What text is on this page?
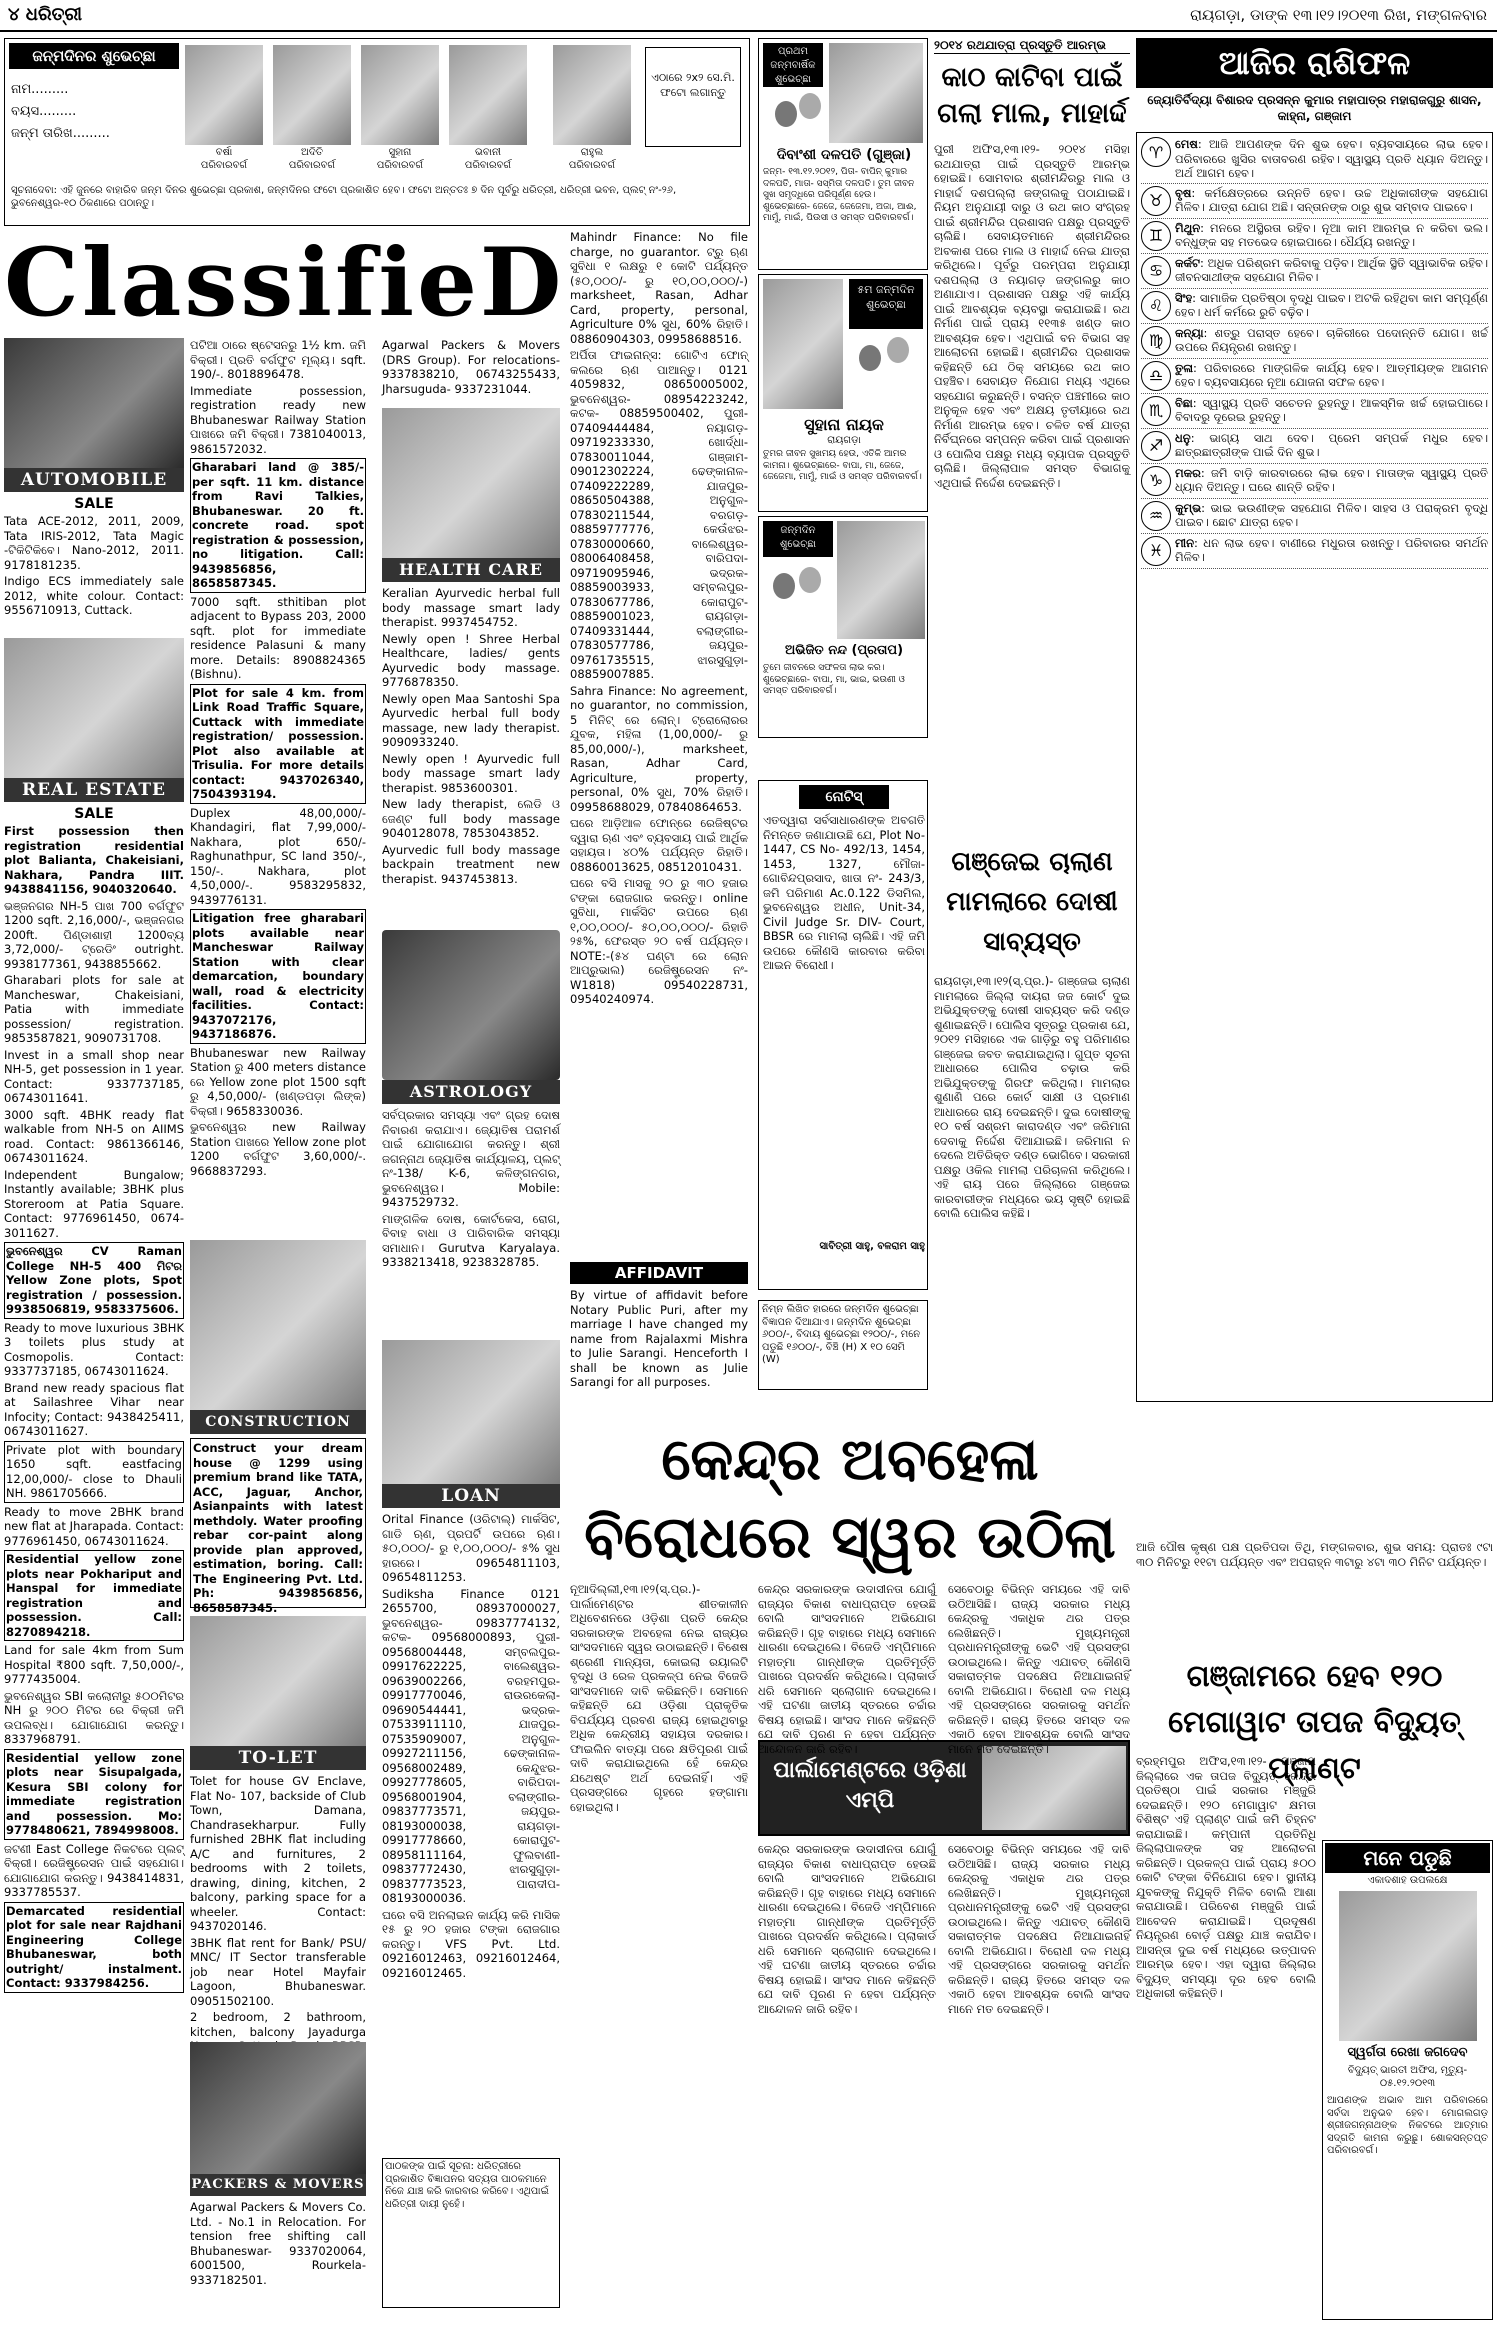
୪ ଧରିତ୍ରୀ	ରାୟଗଡ଼ା, ଡାଙ୍କ ୧୩।୧୨।୨୦୧୩ ରିଖ, ମଙ୍ଗଳବାର
ଜନ୍ମଦିନର ଶୁଭେଚ୍ଛା
ନାମ.........
ବୟସ.........
ଜନ୍ମ ତାରିଖ.........
ବର୍ଷା
ପରିବାରବର୍ଗ
ଅଦିତି
ପରିବାରବର୍ଗ
ସୁହାନା
ପରିବାରବର୍ଗ
ଭବାନୀ
ପରିବାରବର୍ଗ
ରାହୁଲ
ପରିବାରବର୍ଗ
ଏଠାରେ ୨x୨ ସେ.ମି. ଫଟୋ ଲଗାନ୍ତୁ
ସୂଚନାଦେବା: ଏହି ଜୁନରେ ବାହାରିବ ଜନ୍ମ ଦିନର ଶୁଭେଚ୍ଛା ପ୍ରକାଶ, ଜନ୍ମଦିନର ଫଟୋ ପ୍ରକାଶିତ ହେବ। ଫଟୋ ଅନ୍ତତଃ ୭ ଦିନ ପୂର୍ବରୁ ଧରିତ୍ରୀ, ଧରିତ୍ରୀ ଭବନ, ପ୍ଲଟ୍ ନଂ-୨୬, ଭୁବନେଶ୍ୱର-୧୦ ଠିକଣାରେ ପଠାନ୍ତୁ।
ClassifieD
AUTOMOBILE
SALE

Tata ACE-2012, 2011, 2009, Tata IRIS-2012, Tata Magic -ଟିକିଟିକିବେ। Nano-2012, 2011. 9178181235.

Indigo ECS immediately sale 2012, white colour. Contact: 9556710913, Cuttack.

REAL ESTATE
SALE

First possession then registration residential plot Balianta, Chakeisiani, Nakhara, Pandra IIIT. 9438841156, 9040320640.

ଭଞ୍ଜନଗର NH-5 ପାଖ 700 ବର୍ଗଫୁଟ 1200 sqft. 2,16,000/-, ଭଞ୍ଜନଗର 200ft. ପିଣ୍ଡାଶାହୀ 1200ବ୍ୟ 3,72,000/- ଟ୍ରେଡିଂ outright. 9938177361, 9438855662.

Gharabari plots for sale at Mancheswar, Chakeisiani, Patia with immediate possession/ registration. 9853587821, 9090731708.

Invest in a small shop near NH-5, get possession in 1 year. Contact: 9337737185, 06743011641.

3000 sqft. 4BHK ready flat walkable from NH-5 on AIIMS road. Contact: 9861366146, 06743011624.

Independent Bungalow; Instantly available; 3BHK plus Storeroom at Patia Square. Contact: 9776961450, 0674-3011627.

ଭୁବନେଶ୍ୱର CV Raman College NH-5 400 ମିଟର Yellow Zone plots, Spot registration / possession. 9938506819, 9583375606.

Ready to move luxurious 3BHK 3 toilets plus study at Cosmopolis. Contact: 9337737185, 06743011624.

Brand new ready spacious flat at Sailashree Vihar near Infocity; Contact: 9438425411, 06743011627.

Private plot with boundary 1650 sqft. eastfacing 12,00,000/- close to Dhauli NH. 9861705666.

Ready to move 2BHK brand new flat at Jharapada. Contact: 9776961450, 06743011624.

Residential yellow zone plots near Pokhariput and Hanspal for immediate registration and possession. Call: 8270894218.

Land for sale 4km from Sum Hospital ₹800 sqft. 7,50,000/-, 9777435004.

ଭୁବନେଶ୍ୱର SBI କଲୋନୀରୁ ୫୦୦ମିଟର NH ରୁ ୨୦୦ ମିଟର ରେ ବିକ୍ରୀ ଜମି ଉପଲବ୍ଧ। ଯୋଗାଯୋଗ କରନ୍ତୁ। 8337968791.

Residential yellow zone plots near Sisupalgada, Kesura SBI colony for immediate registration and possession. Mo: 9778480621, 7894998008.

ଜଟଣୀ East College ନିକଟରେ ପ୍ଲଟ୍ ବିକ୍ରୀ। ରେଜିଷ୍ଟ୍ରେସନ ପାଇଁ ସହଯୋଗ। ଯୋଗାଯୋଗ କରନ୍ତୁ। 9438414831, 9337785537.

Demarcated residential plot for sale near Rajdhani Engineering College Bhubaneswar, both outright/ instalment. Contact: 9337984256.

ପଟିଆ ଠାରେ ଷ୍ଟେସନରୁ 1½ km. ଜମି ବିକ୍ରୀ। ପ୍ରତି ବର୍ଗଫୁଟ ମୂଲ୍ୟ। sqft. 190/-. 8018896478.

Immediate possession, registration ready new Bhubaneswar Railway Station ପାଖରେ ଜମି ବିକ୍ରୀ। 7381040013, 9861572032.

Gharabari land @ 385/- per sqft. 11 km. distance from Ravi Talkies, Bhubaneswar. 20 ft. concrete road. spot registration & possession, no litigation. Call: 9439856856, 8658587345.

7000 sqft. sthitiban plot adjacent to Bypass 203, 2000 sqft. plot for immediate residence Palasuni & many more. Details: 8908824365 (Bishnu).

Plot for sale 4 km. from Link Road Traffic Square, Cuttack with immediate registration/ possession. Plot also available at Trisulia. For more details contact: 9437026340, 7504393194.

Duplex 48,00,000/-Khandagiri, flat 7,99,000/- Nakhara, plot 650/- Raghunathpur, SC land 350/-, 150/-. Nakhara, plot 4,50,000/-. 9583295832, 9439776131.

Litigation free gharabari plots available near Mancheswar Railway Station with clear demarcation, boundary wall, road & electricity facilities. Contact: 9437072176, 9437186876.

Bhubaneswar new Railway Station ରୁ 400 meters distance ରେ Yellow zone plot 1500 sqft ରୁ 4,50,000/- (ଖଣ୍ଡପଡ଼ା ଲିଙ୍କ) ବିକ୍ରୀ। 9658330036.

ଭୁବନେଶ୍ୱର new Railway Station ପାଖରେ Yellow zone plot 1200 ବର୍ଗଫୁଟ 3,60,000/-. 9668837293.

CONSTRUCTION

Construct your dream house @ 1299 using premium brand like TATA, ACC, Jaguar, Anchor, Asianpaints with latest methdoly. Water proofing rebar cor-paint along provide plan approved, estimation, boring. Call: The Engineering Pvt. Ltd. Ph: 9439856856, 8658587345.

TO-LET

Tolet for house GV Enclave, Flat No- 107, backside of Club Town, Damana, Chandrasekharpur. Fully furnished 2BHK flat including A/C and furnitures, 2 bedrooms with 2 toilets, drawing, dining, kitchen, 2 balcony, parking space for a wheeler. Contact: 9437020146.

3BHK flat rent for Bank/ PSU/ MNC/ IT Sector transferable job near Hotel Mayfair Lagoon, Bhubaneswar. 09051502100.

2 bedroom, 2 bathroom, kitchen, balcony Jayadurga

PACKERS & MOVERS

Agarwal Packers & Movers Co. Ltd. - No.1 in Relocation. For tension free shifting call Bhubaneswar- 9337020064, 6001500, Rourkela- 9337182501.

Agarwal Packers & Movers (DRS Group). For relocations- 9337838210, 06743255433, Jharsuguda- 9337231044.

HEALTH CARE

Keralian Ayurvedic herbal full body massage smart lady therapist. 9937454752.

Newly open ! Shree Herbal Healthcare, ladies/ gents Ayurvedic body massage. 9776878350.

Newly open Maa Santoshi Spa Ayurvedic herbal full body massage, new lady therapist. 9090933240.

Newly open ! Ayurvedic full body massage smart lady therapist. 9853600301.

New lady therapist, ଲେଡି ଓ ଜେଣ୍ଟ full body massage 9040128078, 7853043852.

Ayurvedic full body massage backpain treatment new therapist. 9437453813.

ASTROLOGY

ସର୍ବପ୍ରକାର ସମସ୍ୟା ଏବଂ ଗ୍ରହ ଦୋଷ ନିବାରଣ କରାଯାଏ। ଜ୍ୟୋତିଷ ପରାମର୍ଶ ପାଇଁ ଯୋଗାଯୋଗ କରନ୍ତୁ। ଶ୍ରୀ ଜଗନ୍ନାଥ ଜ୍ୟୋତିଷ କାର୍ଯ୍ୟାଳୟ, ପ୍ଲଟ୍ ନଂ-138/ K-6, କଳିଙ୍ଗନଗର, ଭୁବନେଶ୍ୱର। Mobile: 9437529732.

ମାଙ୍ଗଳିକ ଦୋଷ, କୋର୍ଟକେସ, ରୋଗ, ବିବାହ ବାଧା ଓ ପାରିବାରିକ ସମସ୍ୟା ସମାଧାନ। Gurutva Karyalaya. 9338213418, 9238328785.

LOAN

Orital Finance (ଓରିଟାଲ୍) ମାର୍କସିଟ, ଗାଡି ଋଣ, ପ୍ରପର୍ଟି ଉପରେ ଋଣ। ୫୦,୦୦୦/- ରୁ ୧,୦୦,୦୦୦/- ୫% ସୁଧ ହାରରେ। 09654811103, 09654811253.

Sudiksha Finance 0121 2655700, 08937000027, ଭୁବନେଶ୍ୱର- 09837774132, କଟକ- 09568000893, ପୁରୀ- 09568004448, ସମ୍ବଲପୁର- 09917622225, ବାଲେଶ୍ୱର- 09639002266, ବରହମପୁର- 09917770046, ରାଉରକେଲା- 09690544441, ଭଦ୍ରକ- 07533911110, ଯାଜପୁର- 07535909007, ଅନୁଗୁଳ- 09927211156, ଢେଙ୍କାନାଳ- 09568002489, କେନ୍ଦୁଝର- 09927778605, ବାରିପଦା- 09568001904, ବଲାଙ୍ଗୀର- 09837773571, ଜୟପୁର- 08193000038, ରାୟଗଡ଼ା- 09917778660, କୋରାପୁଟ- 08958111164, ଫୁଲବାଣୀ- 09837772430, ଝାରସୁଗୁଡ଼ା- 09837773523, ପାରାଦୀପ- 08193000036.

ଘରେ ବସି ଅନଲାଇନ କାର୍ଯ୍ୟ କରି ମାସିକ ୧୫ ରୁ ୨୦ ହଜାର ଟଙ୍କା ରୋଜଗାର କରନ୍ତୁ। VFS Pvt. Ltd. 09216012463, 09216012464, 09216012465.

ପାଠକଙ୍କ ପାଇଁ ସୂଚନା: ଧରିତ୍ରୀରେ ପ୍ରକାଶିତ ବିଜ୍ଞାପନର ସତ୍ୟତା ପାଠକମାନେ ନିଜେ ଯାଞ୍ଚ କରି କାରବାର କରିବେ। ଏଥିପାଇଁ ଧରିତ୍ରୀ ଦାୟୀ ନୁହେଁ।

Mahindr Finance: No file charge, no guarantor. ଟ୍ରୁ ଋଣ ସୁବିଧା ୧ ଲକ୍ଷରୁ ୧ କୋଟି ପର୍ଯ୍ୟନ୍ତ (୫୦,୦୦୦/- ରୁ ୧୦,୦୦,୦୦୦/-) marksheet, Rasan, Adhar Card, property, personal, Agriculture 0% ସୁଧ, 60% ରିହାତି। 08860904303, 09958688516.

ଅର୍ପିତା ଫାଇନାନ୍ସ: ଗୋଟିଏ ଫୋନ୍ କଲରେ ଋଣ ପାଆନ୍ତୁ। 0121 4059832, 08650005002, ଭୁବନେଶ୍ୱର- 08954223242, କଟକ- 08859500402, ପୁରୀ- 07409444484, ନୟାଗଡ଼- 09719233330, ଖୋର୍ଦ୍ଧା- 07830011044, ଗଞ୍ଜାମ- 09012302224, ଢେଙ୍କାନାଳ- 07409222289, ଯାଜପୁର- 08650504388, ଅନୁଗୁଳ- 07830211544, ବରଗଡ଼- 08859777776, କେଉଁଝର- 07830000660, ବାଲେଶ୍ୱର- 08006408458, ବାରିପଦା- 09719095946, ଭଦ୍ରକ- 08859003933, ସମ୍ବଲପୁର- 07830677786, କୋରାପୁଟ- 08859001023, ରାୟଗଡ଼ା- 07409331444, ବଲାଙ୍ଗୀର- 07830577786, ଜୟପୁର- 09761735515, ଝାରସୁଗୁଡ଼ା- 08859007885.

Sahra Finance: No agreement, no guarantor, no commission, 5 ମିନିଟ୍ ରେ ଲୋନ୍। ଟ୍ରୋଲୋରର ଯୁବକ, ମହିଳା (1,00,000/- ରୁ 85,00,000/-), marksheet, Rasan, Adhar Card, Agriculture, property, personal, 0% ସୁଧ, 70% ରିହାତି। 09958688029, 07840864653.

ଘରେ ଆଡ଼ିଆଳ ଫୋନ୍‌ରେ ରେଜିଷ୍ଟର ଦ୍ୱାରା ଋଣ ଏବଂ ବ୍ୟବସାୟ ପାଇଁ ଆର୍ଥିକ ସହାୟତା। ୪୦% ପର୍ଯ୍ୟନ୍ତ ରିହାତି। 08860013625, 08512010431.

ଘରେ ବସି ମାସକୁ ୨୦ ରୁ ୩୦ ହଜାର ଟଙ୍କା ରୋଜଗାର କରନ୍ତୁ। online ସୁବିଧା, ମାର୍କସିଟ ଉପରେ ଋଣ ୧,୦୦,୦୦୦/- ୫୦,୦୦,୦୦୦/- ରିହାତି ୨୫%, ଫେରସ୍ତ ୨୦ ବର୍ଷ ପର୍ଯ୍ୟନ୍ତ। NOTE:-(୫୪ ଘଣ୍ଟା ରେ ଲୋନ ଆପ୍ରୁଭାଲ) ରେଜିଷ୍ଟ୍ରେସନ ନଂ- W1818) 09540228731, 09540240974.

AFFIDAVIT
By virtue of affidavit before Notary Public Puri, after my marriage I have changed my name from Rajalaxmi Mishra to Julie Sarangi. Henceforth I shall be known as Julie Sarangi for all purposes.
ପ୍ରଥମ ଜନ୍ମବାର୍ଷିକ ଶୁଭେଚ୍ଛା
ଦିବାଂଶୀ ଦଳପତି (ଗୁଞ୍ଜା)
ଜନ୍ମ- ୧୩.୧୨.୨୦୧୨, ପିତା- ବାପିନ୍ କୁମାର ଦଳପତି, ମାତା- ସସ୍ମିତା ଦଳପତି। ତୁମ ଜୀବନ ସୁଖ ସମୃଦ୍ଧିରେ ପରିପୂର୍ଣ୍ଣ ହେଉ। ଶୁଭେଚ୍ଛାରେ- ଜେଜେ, ଜେଜେମା, ଅଜା, ଆଈ, ମାମୁଁ, ମାଇଁ, ପିଉସୀ ଓ ସମସ୍ତ ପରିବାରବର୍ଗ।
୫ମ ଜନ୍ମଦିନ ଶୁଭେଚ୍ଛା
ସୁହାନା ନାୟକ
ରାୟଗଡ଼ା
ତୁମର ଜୀବନ ସୁଖମୟ ହେଉ, ଏତିକି ଆମର କାମନା। ଶୁଭେଚ୍ଛାରେ- ବାପା, ମା, ଜେଜେ, ଜେଜେମା, ମାମୁଁ, ମାଇଁ ଓ ସମସ୍ତ ପରିବାରବର୍ଗ।
ଜନ୍ମଦିନ ଶୁଭେଚ୍ଛା
ଅଭିଜିତ ନନ୍ଦ (ପ୍ରତାପ)
ତୁମେ ଜୀବନରେ ସଫଳତା ଲାଭ କର। ଶୁଭେଚ୍ଛାରେ- ବାପା, ମା, ଭାଇ, ଭଉଣୀ ଓ ସମସ୍ତ ପରିବାରବର୍ଗ।
ନୋଟିସ୍
ଏତଦ୍ୱାରା ସର୍ବସାଧାରଣଙ୍କ ଅବଗତି ନିମନ୍ତେ ଜଣାଯାଉଛି ଯେ, Plot No- 1447, CS No- 492/13, 1454, 1453, 1327, ମୌଜା- ଗୋବିନ୍ଦପ୍ରସାଦ, ଖାତା ନଂ- 243/3, ଜମି ପରିମାଣ Ac.0.122 ଡିସମିଲ, ଭୁବନେଶ୍ୱର ଅଧୀନ, Unit-34, Civil Judge Sr. DIV- Court, BBSR ରେ ମାମଲା ଚାଲିଛି। ଏହି ଜମି ଉପରେ କୌଣସି କାରବାର କରିବା ଆଇନ ବିରୋଧୀ।
ସାବିତ୍ରୀ ସାହୁ, ବଳରାମ ସାହୁ
ନିମ୍ନ ଲିଖିତ ହାରରେ ଜନ୍ମଦିନ ଶୁଭେଚ୍ଛା ବିଜ୍ଞାପନ ଦିଆଯାଏ। ଜନ୍ମଦିନ ଶୁଭେଚ୍ଛା ୬୦୦/-, ବିଦାୟ ଶୁଭେଚ୍ଛା ୧୨୦୦/-, ମନେ ପଡୁଛି ୧୬୦୦/-, ବିଞ୍ଚି (H) X ୧୦ ସେମି (W)
୨୦୧୪ ରଥଯାତ୍ରା ପ୍ରସ୍ତୁତି ଆରମ୍ଭ
କାଠ କାଟିବା ପାଇଁ ଗଲା ମାଲ, ମାହାର୍ଦ୍ଦ
ପୁରୀ ଅଫିସ,୧୩।୧୨- ୨୦୧୪ ମସିହା ରଥଯାତ୍ରା ପାଇଁ ପ୍ରସ୍ତୁତି ଆରମ୍ଭ ହୋଇଛି। ସୋମବାର ଶ୍ରୀମନ୍ଦିରରୁ ମାଲ ଓ ମାହାର୍ଦ୍ଦ ଦଶପଲ୍ଲା ଜଙ୍ଗଲକୁ ପଠାଯାଇଛି। ନିୟମ ଅନୁଯାୟୀ ଦାରୁ ଓ ରଥ କାଠ ସଂଗ୍ରହ ପାଇଁ ଶ୍ରୀମନ୍ଦିର ପ୍ରଶାସନ ପକ୍ଷରୁ ପ୍ରସ୍ତୁତି ଚାଲିଛି। ସେବାୟତମାନେ ଶ୍ରୀମନ୍ଦିରର ଅବକାଶ ପରେ ମାଲ ଓ ମାହାର୍ଦ୍ଦ ନେଇ ଯାତ୍ରା କରିଥିଲେ। ପୂର୍ବରୁ ପରମ୍ପରା ଅନୁଯାୟୀ ଦଶପଲ୍ଲା ଓ ନୟାଗଡ଼ ଜଙ୍ଗଲରୁ କାଠ ଅଣାଯାଏ। ପ୍ରଶାସନ ପକ୍ଷରୁ ଏହି କାର୍ଯ୍ୟ ପାଇଁ ଆବଶ୍ୟକ ବ୍ୟବସ୍ଥା କରାଯାଇଛି। ରଥ ନିର୍ମାଣ ପାଇଁ ପ୍ରାୟ ୧୧୩୫ ଖଣ୍ଡ କାଠ ଆବଶ୍ୟକ ହେବ। ଏଥିପାଇଁ ବନ ବିଭାଗ ସହ ଆଲୋଚନା ହୋଇଛି। ଶ୍ରୀମନ୍ଦିର ପ୍ରଶାସକ କହିଛନ୍ତି ଯେ ଠିକ୍ ସମୟରେ ରଥ କାଠ ପହଞ୍ଚିବ। ସେବାୟତ ନିଯୋଗ ମଧ୍ୟ ଏଥିରେ ସହଯୋଗ କରୁଛନ୍ତି। ବସନ୍ତ ପଞ୍ଚମୀରେ କାଠ ଅନୁକୂଳ ହେବ ଏବଂ ଅକ୍ଷୟ ତୃତୀୟାରେ ରଥ ନିର୍ମାଣ ଆରମ୍ଭ ହେବ। ଚଳିତ ବର୍ଷ ଯାତ୍ରା ନିର୍ବିଘ୍ନରେ ସମ୍ପନ୍ନ କରିବା ପାଇଁ ପ୍ରଶାସନ ଓ ପୋଲିସ ପକ୍ଷରୁ ମଧ୍ୟ ବ୍ୟାପକ ପ୍ରସ୍ତୁତି ଚାଲିଛି। ଜିଲ୍ଲାପାଳ ସମସ୍ତ ବିଭାଗକୁ ଏଥିପାଇଁ ନିର୍ଦ୍ଦେଶ ଦେଇଛନ୍ତି।
ଗଞ୍ଜେଇ ଚାଲାଣ ମାମଲାରେ ଦୋଷୀ ସାବ୍ୟସ୍ତ
ରାୟଗଡ଼ା,୧୩।୧୨(ସ୍.ପ୍ର.)- ଗଞ୍ଜେଇ ଚାଲାଣ ମାମଲାରେ ଜିଲ୍ଲା ଦାୟରା ଜଜ କୋର୍ଟ ଦୁଇ ଅଭିଯୁକ୍ତଙ୍କୁ ଦୋଷୀ ସାବ୍ୟସ୍ତ କରି ଦଣ୍ଡ ଶୁଣାଇଛନ୍ତି। ପୋଲିସ ସୂତ୍ରରୁ ପ୍ରକାଶ ଯେ, ୨୦୧୨ ମସିହାରେ ଏକ ଗାଡ଼ିରୁ ବହୁ ପରିମାଣର ଗଞ୍ଜେଇ ଜବତ କରାଯାଇଥିଲା। ଗୁପ୍ତ ସୂଚନା ଆଧାରରେ ପୋଲିସ ଚଢ଼ାଉ କରି ଅଭିଯୁକ୍ତଙ୍କୁ ଗିରଫ କରିଥିଲା। ମାମଲାର ଶୁଣାଣି ପରେ କୋର୍ଟ ସାକ୍ଷୀ ଓ ପ୍ରମାଣ ଆଧାରରେ ରାୟ ଦେଇଛନ୍ତି। ଦୁଇ ଦୋଷୀଙ୍କୁ ୧୦ ବର୍ଷ ସଶ୍ରମ କାରାଦଣ୍ଡ ଏବଂ ଜରିମାନା ଦେବାକୁ ନିର୍ଦ୍ଦେଶ ଦିଆଯାଇଛି। ଜରିମାନା ନ ଦେଲେ ଅତିରିକ୍ତ ଦଣ୍ଡ ଭୋଗିବେ। ସରକାରୀ ପକ୍ଷରୁ ଓକିଲ ମାମଲା ପରିଚାଳନା କରିଥିଲେ। ଏହି ରାୟ ପରେ ଜିଲ୍ଲାରେ ଗଞ୍ଜେଇ କାରବାରୀଙ୍କ ମଧ୍ୟରେ ଭୟ ସୃଷ୍ଟି ହୋଇଛି ବୋଲି ପୋଲିସ କହିଛି।
ଆଜିର ରାଶିଫଳ
ଜ୍ୟୋତିର୍ବିଦ୍ୟା ବିଶାରଦ ପ୍ରସନ୍ନ କୁମାର ମହାପାତ୍ର ମହାରାଜଗୁରୁ ଶାସନ, କାହ୍ନା, ଗଞ୍ଜାମ
♈	ମେଷ: ଆଜି ଆପଣଙ୍କ ଦିନ ଶୁଭ ହେବ। ବ୍ୟବସାୟରେ ଲାଭ ହେବ। ପରିବାରରେ ଖୁସିର ବାତାବରଣ ରହିବ। ସ୍ୱାସ୍ଥ୍ୟ ପ୍ରତି ଧ୍ୟାନ ଦିଅନ୍ତୁ। ଅର୍ଥ ଆଗମ ହେବ।
♉	ବୃଷ: କର୍ମକ୍ଷେତ୍ରରେ ଉନ୍ନତି ହେବ। ଉଚ୍ଚ ଅଧିକାରୀଙ୍କ ସହଯୋଗ ମିଳିବ। ଯାତ୍ରା ଯୋଗ ଅଛି। ସନ୍ତାନଙ୍କ ଠାରୁ ଶୁଭ ସମ୍ବାଦ ପାଇବେ।
♊	ମିଥୁନ: ମନରେ ଅସ୍ଥିରତା ରହିବ। ନୂଆ କାମ ଆରମ୍ଭ ନ କରିବା ଭଲ। ବନ୍ଧୁଙ୍କ ସହ ମତଭେଦ ହୋଇପାରେ। ଧୈର୍ଯ୍ୟ ରଖନ୍ତୁ।
♋	କର୍କଟ: ଅଧିକ ପରିଶ୍ରମ କରିବାକୁ ପଡ଼ିବ। ଆର୍ଥିକ ସ୍ଥିତି ସ୍ୱାଭାବିକ ରହିବ। ଜୀବନସାଥୀଙ୍କ ସହଯୋଗ ମିଳିବ।
♌	ସିଂହ: ସାମାଜିକ ପ୍ରତିଷ୍ଠା ବୃଦ୍ଧି ପାଇବ। ଅଟକି ରହିଥିବା କାମ ସମ୍ପୂର୍ଣ୍ଣ ହେବ। ଧର୍ମ କର୍ମରେ ରୁଚି ବଢ଼ିବ।
♍	କନ୍ୟା: ଶତ୍ରୁ ପରାସ୍ତ ହେବେ। ଚାକିରୀରେ ପଦୋନ୍ନତି ଯୋଗ। ଖର୍ଚ୍ଚ ଉପରେ ନିୟନ୍ତ୍ରଣ ରଖନ୍ତୁ।
♎	ତୁଳା: ପରିବାରରେ ମାଙ୍ଗଳିକ କାର୍ଯ୍ୟ ହେବ। ଆତ୍ମୀୟଙ୍କ ଆଗମନ ହେବ। ବ୍ୟବସାୟରେ ନୂଆ ଯୋଜନା ସଫଳ ହେବ।
♏	ବିଛା: ସ୍ୱାସ୍ଥ୍ୟ ପ୍ରତି ସଚେତନ ରୁହନ୍ତୁ। ଆକସ୍ମିକ ଖର୍ଚ୍ଚ ହୋଇପାରେ। ବିବାଦରୁ ଦୂରେଇ ରୁହନ୍ତୁ।
♐	ଧନୁ: ଭାଗ୍ୟ ସାଥ ଦେବ। ପ୍ରେମ ସମ୍ପର୍କ ମଧୁର ହେବ। ଛାତ୍ରଛାତ୍ରୀଙ୍କ ପାଇଁ ଦିନ ଶୁଭ।
♑	ମକର: ଜମି ବାଡ଼ି କାରବାରରେ ଲାଭ ହେବ। ମାତାଙ୍କ ସ୍ୱାସ୍ଥ୍ୟ ପ୍ରତି ଧ୍ୟାନ ଦିଅନ୍ତୁ। ଘରେ ଶାନ୍ତି ରହିବ।
♒	କୁମ୍ଭ: ଭାଇ ଭଉଣୀଙ୍କ ସହଯୋଗ ମିଳିବ। ସାହସ ଓ ପରାକ୍ରମ ବୃଦ୍ଧି ପାଇବ। ଛୋଟ ଯାତ୍ରା ହେବ।
♓	ମୀନ: ଧନ ଲାଭ ହେବ। ବାଣୀରେ ମଧୁରତା ରଖନ୍ତୁ। ପରିବାରର ସମର୍ଥନ ମିଳିବ।
ଆଜି ପୌଷ କୃଷ୍ଣ ପକ୍ଷ ପ୍ରତିପଦା ତିଥି, ମଙ୍ଗଳବାର, ଶୁଭ ସମୟ: ପ୍ରାତଃ ୯ଟା ୩୦ ମିନିଟରୁ ୧୧ଟା ପର୍ଯ୍ୟନ୍ତ ଏବଂ ଅପରାହ୍ନ ୩ଟାରୁ ୪ଟା ୩୦ ମିନିଟ ପର୍ଯ୍ୟନ୍ତ।
କେନ୍ଦ୍ର ଅବହେଳା
ବିରୋଧରେ ସ୍ୱର ଉଠିଲା
ନୂଆଦିଲ୍ଲୀ,୧୩।୧୨(ସ୍.ପ୍ର.)- ପାର୍ଲାମେଣ୍ଟର ଶୀତକାଳୀନ ଅଧିବେଶନରେ ଓଡ଼ିଶା ପ୍ରତି କେନ୍ଦ୍ର ସରକାରଙ୍କ ଅବହେଳା ନେଇ ରାଜ୍ୟର ସାଂସଦମାନେ ସ୍ୱର ଉଠାଇଛନ୍ତି। ବିଶେଷ ଶ୍ରେଣୀ ମାନ୍ୟତା, କୋଇଲା ରୟାଲଟି ବୃଦ୍ଧି ଓ ରେଳ ପ୍ରକଳ୍ପ ନେଇ ବିଜେଡି ସାଂସଦମାନେ ଦାବି କରିଛନ୍ତି। ସେମାନେ କହିଛନ୍ତି ଯେ ଓଡ଼ିଶା ପ୍ରାକୃତିକ ବିପର୍ଯ୍ୟୟ ପ୍ରବଣ ରାଜ୍ୟ ହୋଇଥିବାରୁ ଅଧିକ କେନ୍ଦ୍ରୀୟ ସହାୟତା ଦରକାର। ଫାଇଲିନ ବାତ୍ୟା ପରେ କ୍ଷତିପୂରଣ ପାଇଁ ଦାବି କରାଯାଇଥିଲେ ହେଁ କେନ୍ଦ୍ର ଯଥେଷ୍ଟ ଅର୍ଥ ଦେଇନାହିଁ। ଏହି ପ୍ରସଙ୍ଗରେ ଗୃହରେ ହଙ୍ଗାମା ହୋଇଥିଲା।
ପାର୍ଲାମେଣ୍ଟରେ ଓଡ଼ିଶା ଏମ୍‌ପି
କେନ୍ଦ୍ର ସରକାରଙ୍କ ଉଦାସୀନତା ଯୋଗୁଁ ରାଜ୍ୟର ବିକାଶ ବାଧାପ୍ରାପ୍ତ ହେଉଛି ବୋଲି ସାଂସଦମାନେ ଅଭିଯୋଗ କରିଛନ୍ତି। ଗୃହ ବାହାରେ ମଧ୍ୟ ସେମାନେ ଧାରଣା ଦେଇଥିଲେ। ବିଜେଡି ଏମ୍‌ପିମାନେ ମହାତ୍ମା ଗାନ୍ଧୀଙ୍କ ପ୍ରତିମୂର୍ତ୍ତି ପାଖରେ ପ୍ରଦର୍ଶନ କରିଥିଲେ। ପ୍ଲାକାର୍ଡ ଧରି ସେମାନେ ସ୍ଲୋଗାନ ଦେଇଥିଲେ। ଏହି ଘଟଣା ଜାତୀୟ ସ୍ତରରେ ଚର୍ଚ୍ଚାର ବିଷୟ ହୋଇଛି। ସାଂସଦ ମାନେ କହିଛନ୍ତି ଯେ ଦାବି ପୂରଣ ନ ହେବା ପର୍ଯ୍ୟନ୍ତ ଆନ୍ଦୋଳନ ଜାରି ରହିବ।
ସେବେଠାରୁ ବିଭିନ୍ନ ସମୟରେ ଏହି ଦାବି ଉଠିଆସିଛି। ରାଜ୍ୟ ସରକାର ମଧ୍ୟ କେନ୍ଦ୍ରକୁ ଏକାଧିକ ଥର ପତ୍ର ଲେଖିଛନ୍ତି। ମୁଖ୍ୟମନ୍ତ୍ରୀ ପ୍ରଧାନମନ୍ତ୍ରୀଙ୍କୁ ଭେଟି ଏହି ପ୍ରସଙ୍ଗ ଉଠାଇଥିଲେ। କିନ୍ତୁ ଏଯାବତ୍ କୌଣସି ସକାରାତ୍ମକ ପଦକ୍ଷେପ ନିଆଯାଇନାହିଁ ବୋଲି ଅଭିଯୋଗ। ବିରୋଧୀ ଦଳ ମଧ୍ୟ ଏହି ପ୍ରସଙ୍ଗରେ ସରକାରକୁ ସମର୍ଥନ କରିଛନ୍ତି। ରାଜ୍ୟ ହିତରେ ସମସ୍ତ ଦଳ ଏକାଠି ହେବା ଆବଶ୍ୟକ ବୋଲି ସାଂସଦ ମାନେ ମତ ଦେଇଛନ୍ତି।
କେନ୍ଦ୍ର ସରକାରଙ୍କ ଉଦାସୀନତା ଯୋଗୁଁ ରାଜ୍ୟର ବିକାଶ ବାଧାପ୍ରାପ୍ତ ହେଉଛି ବୋଲି ସାଂସଦମାନେ ଅଭିଯୋଗ କରିଛନ୍ତି। ଗୃହ ବାହାରେ ମଧ୍ୟ ସେମାନେ ଧାରଣା ଦେଇଥିଲେ। ବିଜେଡି ଏମ୍‌ପିମାନେ ମହାତ୍ମା ଗାନ୍ଧୀଙ୍କ ପ୍ରତିମୂର୍ତ୍ତି ପାଖରେ ପ୍ରଦର୍ଶନ କରିଥିଲେ। ପ୍ଲାକାର୍ଡ ଧରି ସେମାନେ ସ୍ଲୋଗାନ ଦେଇଥିଲେ। ଏହି ଘଟଣା ଜାତୀୟ ସ୍ତରରେ ଚର୍ଚ୍ଚାର ବିଷୟ ହୋଇଛି। ସାଂସଦ ମାନେ କହିଛନ୍ତି ଯେ ଦାବି ପୂରଣ ନ ହେବା ପର୍ଯ୍ୟନ୍ତ ଆନ୍ଦୋଳନ ଜାରି ରହିବ।
ସେବେଠାରୁ ବିଭିନ୍ନ ସମୟରେ ଏହି ଦାବି ଉଠିଆସିଛି। ରାଜ୍ୟ ସରକାର ମଧ୍ୟ କେନ୍ଦ୍ରକୁ ଏକାଧିକ ଥର ପତ୍ର ଲେଖିଛନ୍ତି। ମୁଖ୍ୟମନ୍ତ୍ରୀ ପ୍ରଧାନମନ୍ତ୍ରୀଙ୍କୁ ଭେଟି ଏହି ପ୍ରସଙ୍ଗ ଉଠାଇଥିଲେ। କିନ୍ତୁ ଏଯାବତ୍ କୌଣସି ସକାରାତ୍ମକ ପଦକ୍ଷେପ ନିଆଯାଇନାହିଁ ବୋଲି ଅଭିଯୋଗ। ବିରୋଧୀ ଦଳ ମଧ୍ୟ ଏହି ପ୍ରସଙ୍ଗରେ ସରକାରକୁ ସମର୍ଥନ କରିଛନ୍ତି। ରାଜ୍ୟ ହିତରେ ସମସ୍ତ ଦଳ ଏକାଠି ହେବା ଆବଶ୍ୟକ ବୋଲି ସାଂସଦ ମାନେ ମତ ଦେଇଛନ୍ତି।
ଗଞ୍ଜାମରେ ହେବ ୧୨୦ ମେଗାୱାଟ ତାପଜ ବିଦ୍ୟୁତ୍ ପ୍ଲାଣ୍ଟ
ବ୍ରହ୍ମପୁର ଅଫିସ,୧୩।୧୨- ଗଞ୍ଜାମ ଜିଲ୍ଲାରେ ଏକ ତାପଜ ବିଦ୍ୟୁତ୍ କେନ୍ଦ୍ର ପ୍ରତିଷ୍ଠା ପାଇଁ ସରକାର ମଞ୍ଜୁରି ଦେଇଛନ୍ତି। ୧୨୦ ମେଗାୱାଟ କ୍ଷମତା ବିଶିଷ୍ଟ ଏହି ପ୍ଲାଣ୍ଟ ପାଇଁ ଜମି ଚିହ୍ନଟ କରାଯାଇଛି। କମ୍ପାନୀ ପ୍ରତିନିଧି ଜିଲ୍ଲାପାଳଙ୍କ ସହ ଆଲୋଚନା କରିଛନ୍ତି। ପ୍ରକଳ୍ପ ପାଇଁ ପ୍ରାୟ ୫୦୦ କୋଟି ଟଙ୍କା ବିନିଯୋଗ ହେବ। ସ୍ଥାନୀୟ ଯୁବକଙ୍କୁ ନିଯୁକ୍ତି ମିଳିବ ବୋଲି ଆଶା କରାଯାଉଛି। ପରିବେଶ ମଞ୍ଜୁରି ପାଇଁ ଆବେଦନ କରାଯାଇଛି। ପ୍ରଦୂଷଣ ନିୟନ୍ତ୍ରଣ ବୋର୍ଡ଼ ପକ୍ଷରୁ ଯାଞ୍ଚ କରାଯିବ। ଆସନ୍ତା ଦୁଇ ବର୍ଷ ମଧ୍ୟରେ ଉତ୍ପାଦନ ଆରମ୍ଭ ହେବ। ଏହା ଦ୍ୱାରା ଜିଲ୍ଲାର ବିଦ୍ୟୁତ୍ ସମସ୍ୟା ଦୂର ହେବ ବୋଲି ଅଧିକାରୀ କହିଛନ୍ତି।
ମନେ ପଡୁଛି
ଏକାଦଶାହ ଉପଲକ୍ଷେ
ସ୍ୱର୍ଗତା ରେଖା ଜଗଦେବ
ବିଦ୍ୟୁତ୍ ଭାରତୀ ଅଫିସ, ମୃତ୍ୟୁ- ୦୫.୧୨.୨୦୧୩
ଆପଣଙ୍କ ଅଭାବ ଆମ ପରିବାରରେ ସର୍ବଦା ଅନୁଭବ ହେବ। ମୋଗଲଗଡ଼ ଶ୍ରୀଜଗନ୍ନାଥଙ୍କ ନିକଟରେ ଆତ୍ମାର ସଦ୍ଗତି କାମନା କରୁଛୁ। ଶୋକସନ୍ତପ୍ତ ପରିବାରବର୍ଗ।
